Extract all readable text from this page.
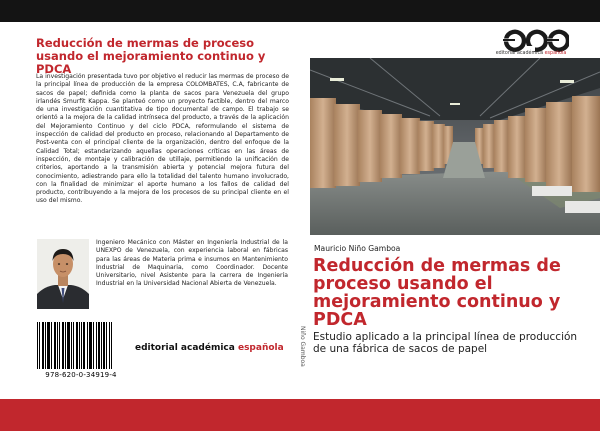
Reducción de mermas de proceso usando el mejoramiento continuo y PDCA
La investigación presentada tuvo por objetivo el reducir las mermas de proceso de la principal línea de producción de la empresa COLOMBATES, C.A, fabricante de sacos de papel; definida como la planta de sacos para Venezuela del grupo irlandés Smurfit Kappa. Se planteó como un proyecto factible, dentro del marco de una investigación cuantitativa de tipo documental de campo. El trabajo se orientó a la mejora de la calidad intrínseca del producto, a través de la aplicación del Mejoramiento Continuo y del ciclo PDCA, reformulando el sistema de inspección de calidad del producto en proceso, relacionando al Departamento de Post-venta con el principal cliente de la organización, dentro del enfoque de la Calidad Total; estandarizando aquellas operaciones críticas en las áreas de inspección, de montaje y calibración de utillaje, permitiendo la unificación de criterios, aportando a la transmisión abierta y potencial mejora futura del conocimiento, adiestrando para ello la totalidad del talento humano involucrado, con la finalidad de minimizar el aporte humano a los fallos de calidad del producto, contribuyendo a la mejora de los procesos de su principal cliente en el uso del mismo.
Ingeniero Mecánico con Máster en Ingeniería Industrial de la UNEXPO de Venezuela, con experiencia laboral en fábricas para las áreas de Materia prima e insumos en Mantenimiento Industrial de Maquinaria, como Coordinador. Docente Universitario, nivel Asistente para la carrera de Ingeniería Industrial en la Universidad Nacional Abierta de Venezuela.
978-620-0-34919-4
editorial académica española	Niño Gamboa
editorial académica española
Mauricio Niño Gamboa
Reducción de mermas de proceso usando el mejoramiento continuo y PDCA
Estudio aplicado a la principal línea de producción de una fábrica de sacos de papel
